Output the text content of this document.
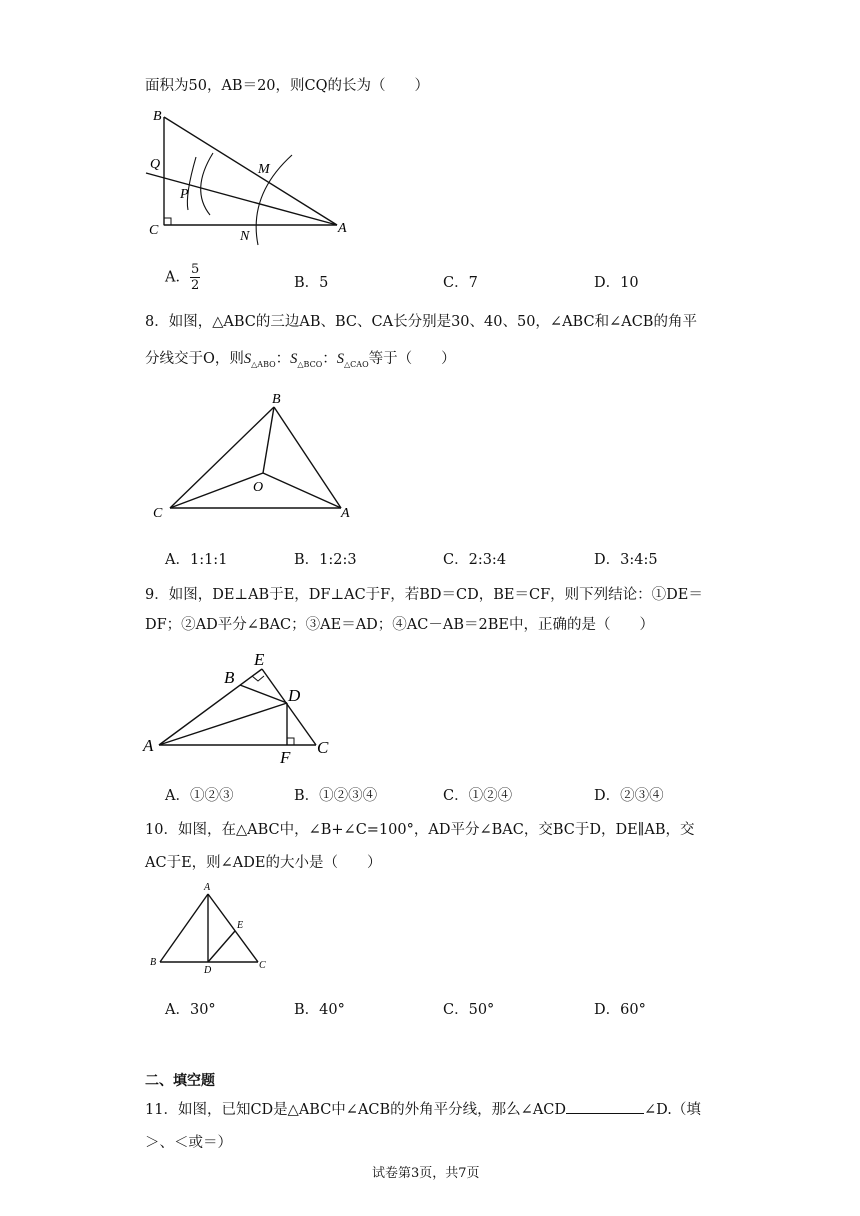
面积为50，AB＝20，则CQ的长为（　　）
B
Q
P
M
C	N
A
A． $\frac{5}{2}$	B．5	C．7	D．10
8．如图，△ABC的三边AB、BC、CA长分别是30、40、50，∠ABC和∠ACB的角平
分线交于O，则$S_{\triangle ABO}$：$S_{\triangle BCO}$：$S_{\triangle CAO}$等于（　　）
B
O
C	A
A．1:1:1	B．1:2:3	C．2:3:4	D．3:4:5
9．如图，DE⊥AB于E，DF⊥AC于F，若BD＝CD，BE＝CF，则下列结论：①DE＝
DF；②AD平分∠BAC；③AE＝AD；④AC－AB＝2BE中，正确的是（　　）
E
B
D
A
F
C
A．①②③	B．①②③④	C．①②④	D．②③④
10．如图，在△ABC中，∠B+∠C=100°，AD平分∠BAC，交BC于D，DE∥AB，交
AC于E，则∠ADE的大小是（　　）
A
E
B
D	C
A．30°	B．40°	C．50°	D．60°
二、填空题
11．如图，已知CD是△ABC中∠ACB的外角平分线，那么∠ACD	∠D.（填
＞、＜或＝）
试卷第3页，共7页
